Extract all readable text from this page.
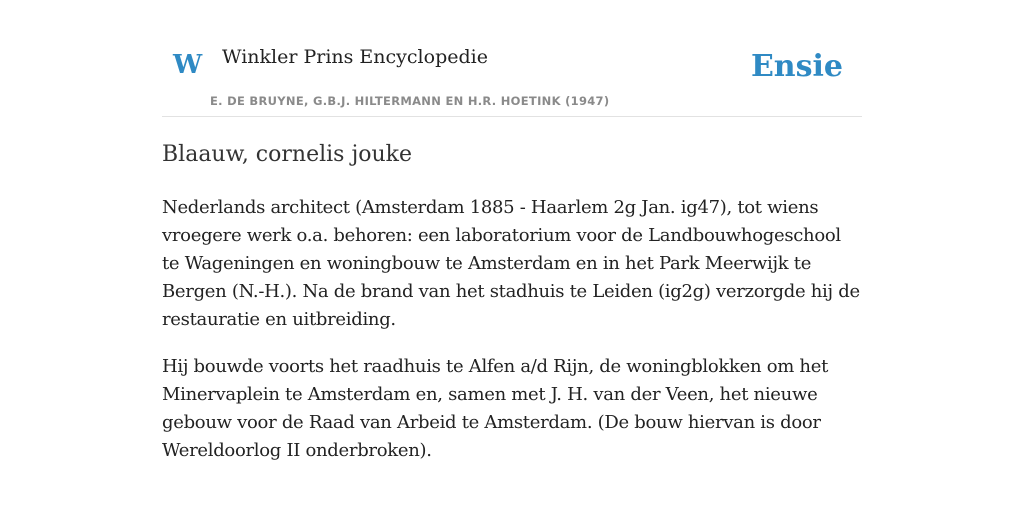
W Winkler Prins Encyclopedie
E. DE BRUYNE, G.B.J. HILTERMANN EN H.R. HOETINK (1947)
Ensie
Blaauw, cornelis jouke

Nederlands architect (Amsterdam 1885 - Haarlem 2g Jan. ig47), tot wiens vroegere werk o.a. behoren: een laboratorium voor de Landbouwhogeschool te Wageningen en woningbouw te Amsterdam en in het Park Meerwijk te Bergen (N.-H.). Na de brand van het stadhuis te Leiden (ig2g) verzorgde hij de restauratie en uitbreiding.

Hij bouwde voorts het raadhuis te Alfen a/d Rijn, de woningblokken om het Minervaplein te Amsterdam en, samen met J. H. van der Veen, het nieuwe gebouw voor de Raad van Arbeid te Amsterdam. (De bouw hiervan is door Wereldoorlog II onderbroken).
